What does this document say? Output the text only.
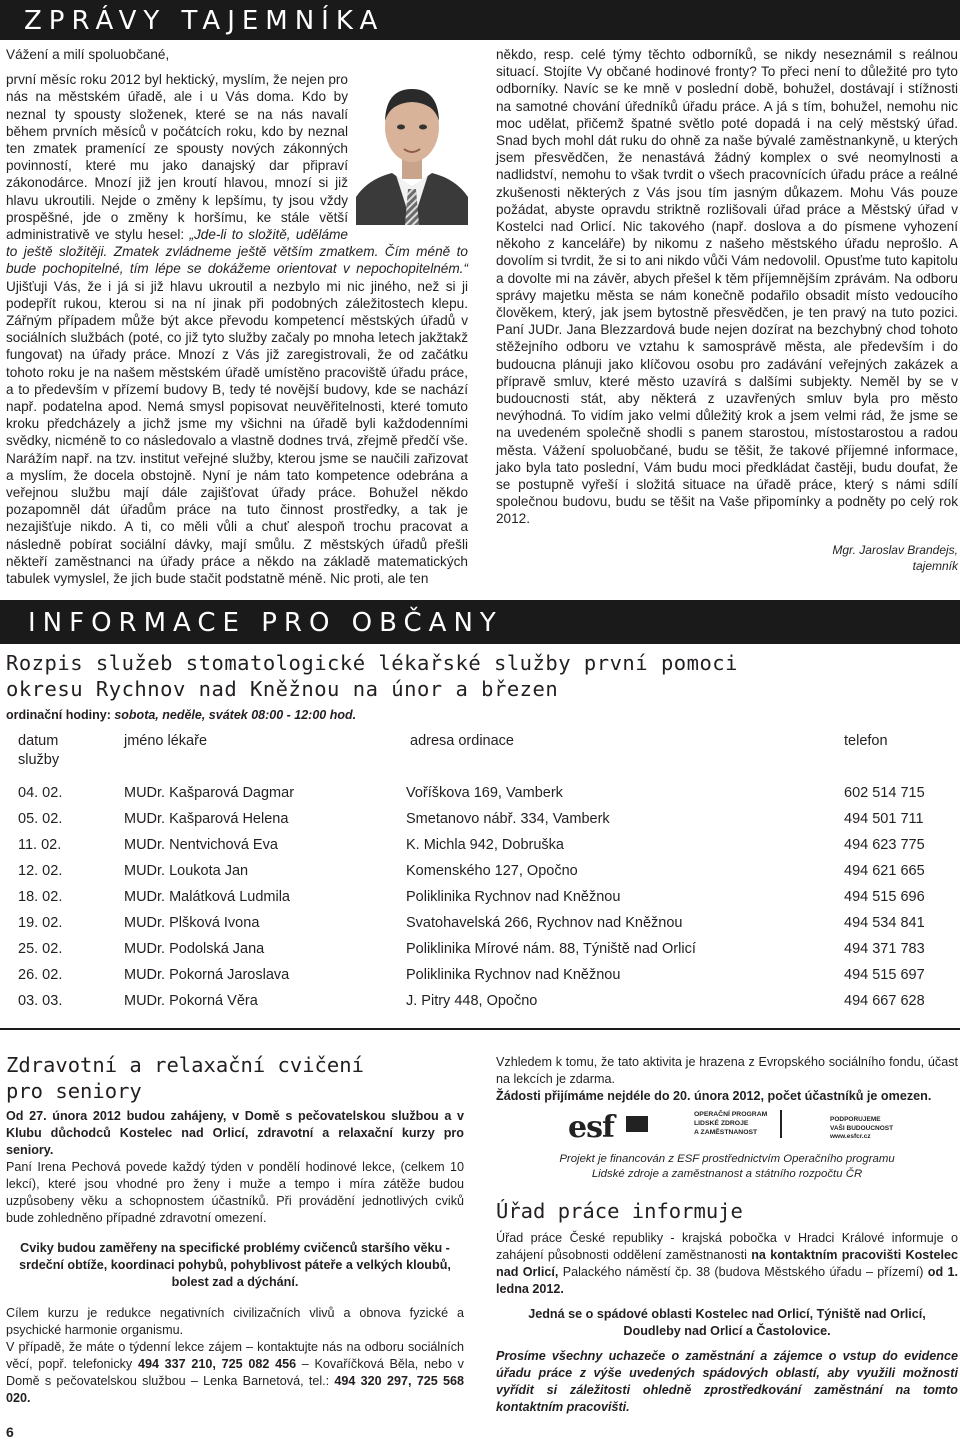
ZPRÁVY TAJEMNÍKA

Vážení a milí spoluobčané,

první měsíc roku 2012 byl hektický, myslím, že nejen pro nás na městském úřadě, ale i u Vás doma. Kdo by neznal ty spousty složenek, které se na nás navalí během prvních měsíců v počátcích roku, kdo by neznal ten zmatek pramenící ze spousty nových zákonných povinností, které mu jako danajský dar připraví zákonodárce. Mnozí již jen kroutí hlavou, mnozí si již hlavu ukroutili. Nejde o změny k lepšímu, ty jsou vždy prospěšné, jde o změny k horšímu, ke stále větší administrativě ve stylu hesel: „Jde-li to složitě, uděláme to ještě složitěji. Zmatek zvládneme ještě větším zmatkem. Čím méně to bude pochopitelné, tím lépe se dokážeme orientovat v nepochopitelném.“ Ujišťuji Vás, že i já si již hlavu ukroutil a nezbylo mi nic jiného, než si ji podepřít rukou, kterou si na ní jinak při podobných záležitostech klepu. Zářným případem může být akce převodu kompetencí městských úřadů v sociálních službách (poté, co již tyto služby začaly po mnoha letech jakžtakž fungovat) na úřady práce. Mnozí z Vás již zaregistrovali, že od začátku tohoto roku je na našem městském úřadě umístěno pracoviště úřadu práce, a to především v přízemí budovy B, tedy té novější budovy, kde se nachází např. podatelna apod. Nemá smysl popisovat neuvěřitelnosti, které tomuto kroku předcházely a jichž jsme my všichni na úřadě byli každodenními svědky, nicméně to co následovalo a vlastně dodnes trvá, zřejmě předčí vše. Narážím např. na tzv. institut veřejné služby, kterou jsme se naučili zařizovat a myslím, že docela obstojně. Nyní je nám tato kompetence odebrána a veřejnou službu mají dále zajišťovat úřady práce. Bohužel někdo pozapomněl dát úřadům práce na tuto činnost prostředky, a tak je nezajišťuje nikdo. A ti, co měli vůli a chuť alespoň trochu pracovat a následně pobírat sociální dávky, mají smůlu. Z městských úřadů přešli někteří zaměstnanci na úřady práce a někdo na základě matematických tabulek vymyslel, že jich bude stačit podstatně méně. Nic proti, ale ten

někdo, resp. celé týmy těchto odborníků, se nikdy neseznámil s reálnou situací. Stojíte Vy občané hodinové fronty? To přeci není to důležité pro tyto odborníky. Navíc se ke mně v poslední době, bohužel, dostávají i stížnosti na samotné chování úředníků úřadu práce. A já s tím, bohužel, nemohu nic moc udělat, přičemž špatné světlo poté dopadá i na celý městský úřad. Snad bych mohl dát ruku do ohně za naše bývalé zaměstnankyně, u kterých jsem přesvědčen, že nenastává žádný komplex o své neomylnosti a nadlidství, nemohu to však tvrdit o všech pracovnících úřadu práce a reálné zkušenosti některých z Vás jsou tím jasným důkazem. Mohu Vás pouze požádat, abyste opravdu striktně rozlišovali úřad práce a Městský úřad v Kostelci nad Orlicí. Nic takového (např. doslova a do písmene vyhození někoho z kanceláře) by nikomu z našeho městského úřadu neprošlo. A dovolím si tvrdit, že si to ani nikdo vůči Vám nedovolil. Opusťme tuto kapitolu a dovolte mi na závěr, abych přešel k těm příjemnějším zprávám. Na odboru správy majetku města se nám konečně podařilo obsadit místo vedoucího člověkem, který, jak jsem bytostně přesvědčen, je ten pravý na tuto pozici. Paní JUDr. Jana Blezzardová bude nejen dozírat na bezchybný chod tohoto stěžejního odboru ve vztahu k samosprávě města, ale především i do budoucna plánuji jako klíčovou osobu pro zadávání veřejných zakázek a přípravě smluv, které město uzavírá s dalšími subjekty. Neměl by se v budoucnosti stát, aby některá z uzavřených smluv byla pro město nevýhodná. To vidím jako velmi důležitý krok a jsem velmi rád, že jsme se na uvedeném společně shodli s panem starostou, místostarostou a radou města. Vážení spoluobčané, budu se těšit, že takové příjemné informace, jako byla tato poslední, Vám budu moci předkládat častěji, budu doufat, že se postupně vyřeší i složitá situace na úřadě práce, který s námi sdílí společnou budovu, budu se těšit na Vaše připomínky a podněty po celý rok 2012.

Mgr. Jaroslav Brandejs,
tajemník
INFORMACE PRO OBČANY
Rozpis služeb stomatologické lékařské služby první pomoci
okresu Rychnov nad Kněžnou na únor a březen
ordinační hodiny: sobota, neděle, svátek 08:00 - 12:00 hod.
datum
služby
jméno lékaře	adresa ordinace	telefon
04. 02.	MUDr. Kašparová Dagmar	Voříškova 169, Vamberk	602 514 715
05. 02.	MUDr. Kašparová Helena	Smetanovo nábř. 334, Vamberk	494 501 711
11. 02.	MUDr. Nentvichová Eva	K. Michla 942, Dobruška	494 623 775
12. 02.	MUDr. Loukota Jan	Komenského 127, Opočno	494 621 665
18. 02.	MUDr. Malátková Ludmila	Poliklinika Rychnov nad Kněžnou	494 515 696
19. 02.	MUDr. Plšková Ivona	Svatohavelská 266, Rychnov nad Kněžnou	494 534 841
25. 02.	MUDr. Podolská Jana	Poliklinika Mírové nám. 88, Týniště nad Orlicí	494 371 783
26. 02.	MUDr. Pokorná Jaroslava	Poliklinika Rychnov nad Kněžnou	494 515 697
03. 03.	MUDr. Pokorná Věra	J. Pitry 448, Opočno	494 667 628
Zdravotní a relaxační cvičení
pro seniory

Od 27. února 2012 budou zahájeny, v Domě s pečovatelskou službou a v Klubu důchodců Kostelec nad Orlicí, zdravotní a relaxační kurzy pro seniory.

Paní Irena Pechová povede každý týden v pondělí hodinové lekce, (celkem 10 lekcí), které jsou vhodné pro ženy i muže a tempo i míra zátěže budou uzpůsobeny věku a schopnostem účastníků. Při provádění jednotlivých cviků bude zohledněno případné zdravotní omezení.

Cviky budou zaměřeny na specifické problémy cvičenců staršího věku - srdeční obtíže, koordinaci pohybů, pohyblivost páteře a velkých kloubů, bolest zad a dýchání.

Cílem kurzu je redukce negativních civilizačních vlivů a obnova fyzické a psychické harmonie organismu.

V případě, že máte o týdenní lekce zájem – kontaktujte nás na odboru sociálních věcí, popř. telefonicky 494 337 210, 725 082 456 – Kovaříčková Běla, nebo v Domě s pečovatelskou službou – Lenka Barnetová, tel.: 494 320 297, 725 568 020.

Vzhledem k tomu, že tato aktivita je hrazena z Evropského sociálního fondu, účast na lekcích je zdarma.

Žádosti přijímáme nejdéle do 20. února 2012, počet účastníků je omezen.

esf	OPERAČNÍ PROGRAM
LIDSKÉ ZDROJE
A ZAMĚSTNANOST
PODPORUJEME
VAŠI BUDOUCNOST
www.esfcr.cz
Projekt je financován z ESF prostřednictvím Operačního programu
Lidské zdroje a zaměstnanost a státního rozpočtu ČR
Úřad práce informuje

Úřad práce České republiky - krajská pobočka v Hradci Králové informuje o zahájení působnosti oddělení zaměstnanosti na kontaktním pracovišti Kostelec nad Orlicí, Palackého náměstí čp. 38 (budova Městského úřadu – přízemí) od 1. ledna 2012.

Jedná se o spádové oblasti Kostelec nad Orlicí, Týniště nad Orlicí, Doudleby nad Orlicí a Častolovice.

Prosíme všechny uchazeče o zaměstnání a zájemce o vstup do evidence úřadu práce z výše uvedených spádových oblastí, aby využili možnosti vyřídit si záležitosti ohledně zprostředkování zaměstnání na tomto kontaktním pracovišti.

6
